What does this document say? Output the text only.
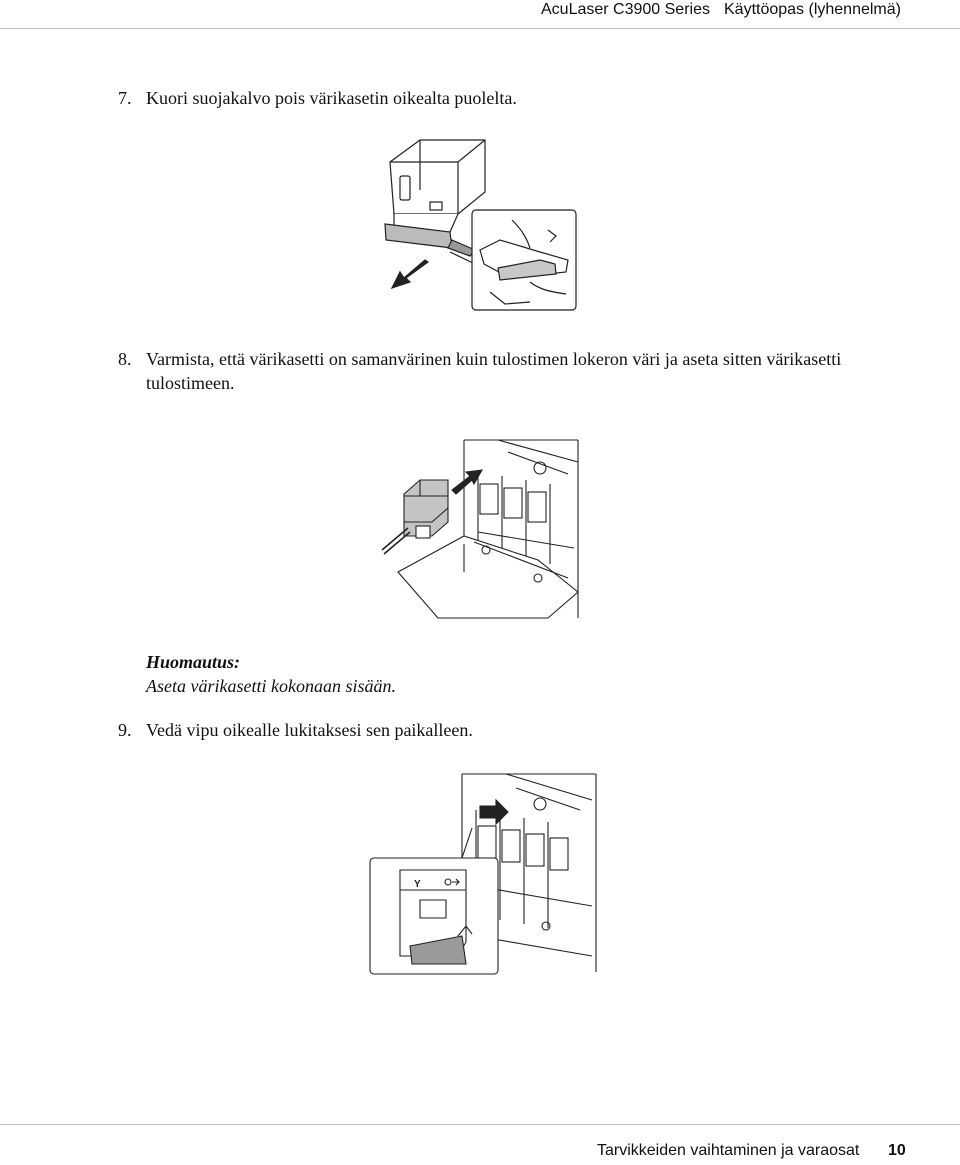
AcuLaser C3900 Series Käyttöopas (lyhennelmä)
7. Kuori suojakalvo pois värikasetin oikealta puolelta.
8. Varmista, että värikasetti on samanvärinen kuin tulostimen lokeron väri ja aseta sitten värikasetti
tulostimeen.
Huomautus:
Aseta värikasetti kokonaan sisään.
9. Vedä vipu oikealle lukitaksesi sen paikalleen.
Y
Tarvikkeiden vaihtaminen ja varaosat 10
